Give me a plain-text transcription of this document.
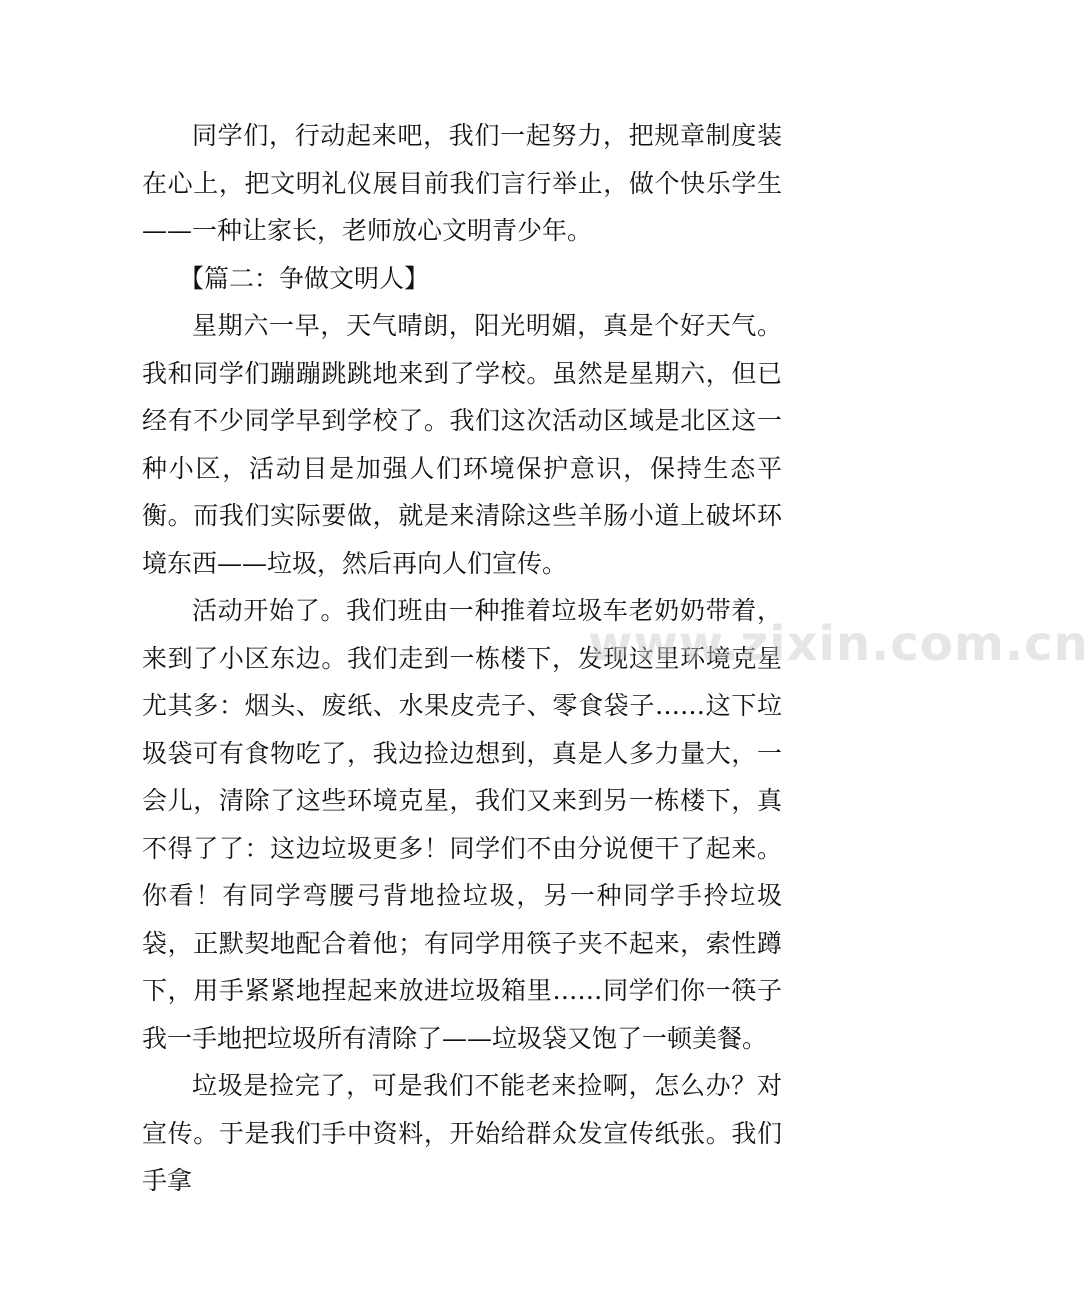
同学们，行动起来吧，我们一起努力，把规章制度装在心上，把文明礼仪展目前我们言行举止，做个快乐学生——一种让家长，老师放心文明青少年。

【篇二：争做文明人】

星期六一早，天气晴朗，阳光明媚，真是个好天气。我和同学们蹦蹦跳跳地来到了学校。虽然是星期六，但已经有不少同学早到学校了。我们这次活动区域是北区这一种小区，活动目是加强人们环境保护意识，保持生态平衡。而我们实际要做，就是来清除这些羊肠小道上破坏环境东西——垃圾，然后再向人们宣传。

活动开始了。我们班由一种推着垃圾车老奶奶带着，来到了小区东边。我们走到一栋楼下，发现这里环境克星尤其多：烟头、废纸、水果皮壳子、零食袋子……这下垃圾袋可有食物吃了，我边捡边想到，真是人多力量大，一会儿，清除了这些环境克星，我们又来到另一栋楼下，真不得了了：这边垃圾更多！同学们不由分说便干了起来。你看！有同学弯腰弓背地捡垃圾，另一种同学手拎垃圾袋，正默契地配合着他；有同学用筷子夹不起来，索性蹲下，用手紧紧地捏起来放进垃圾箱里……同学们你一筷子我一手地把垃圾所有清除了——垃圾袋又饱了一顿美餐。

垃圾是捡完了，可是我们不能老来捡啊，怎么办？对宣传。于是我们手中资料，开始给群众发宣传纸张。我们手拿

www.zixin.com.cn
